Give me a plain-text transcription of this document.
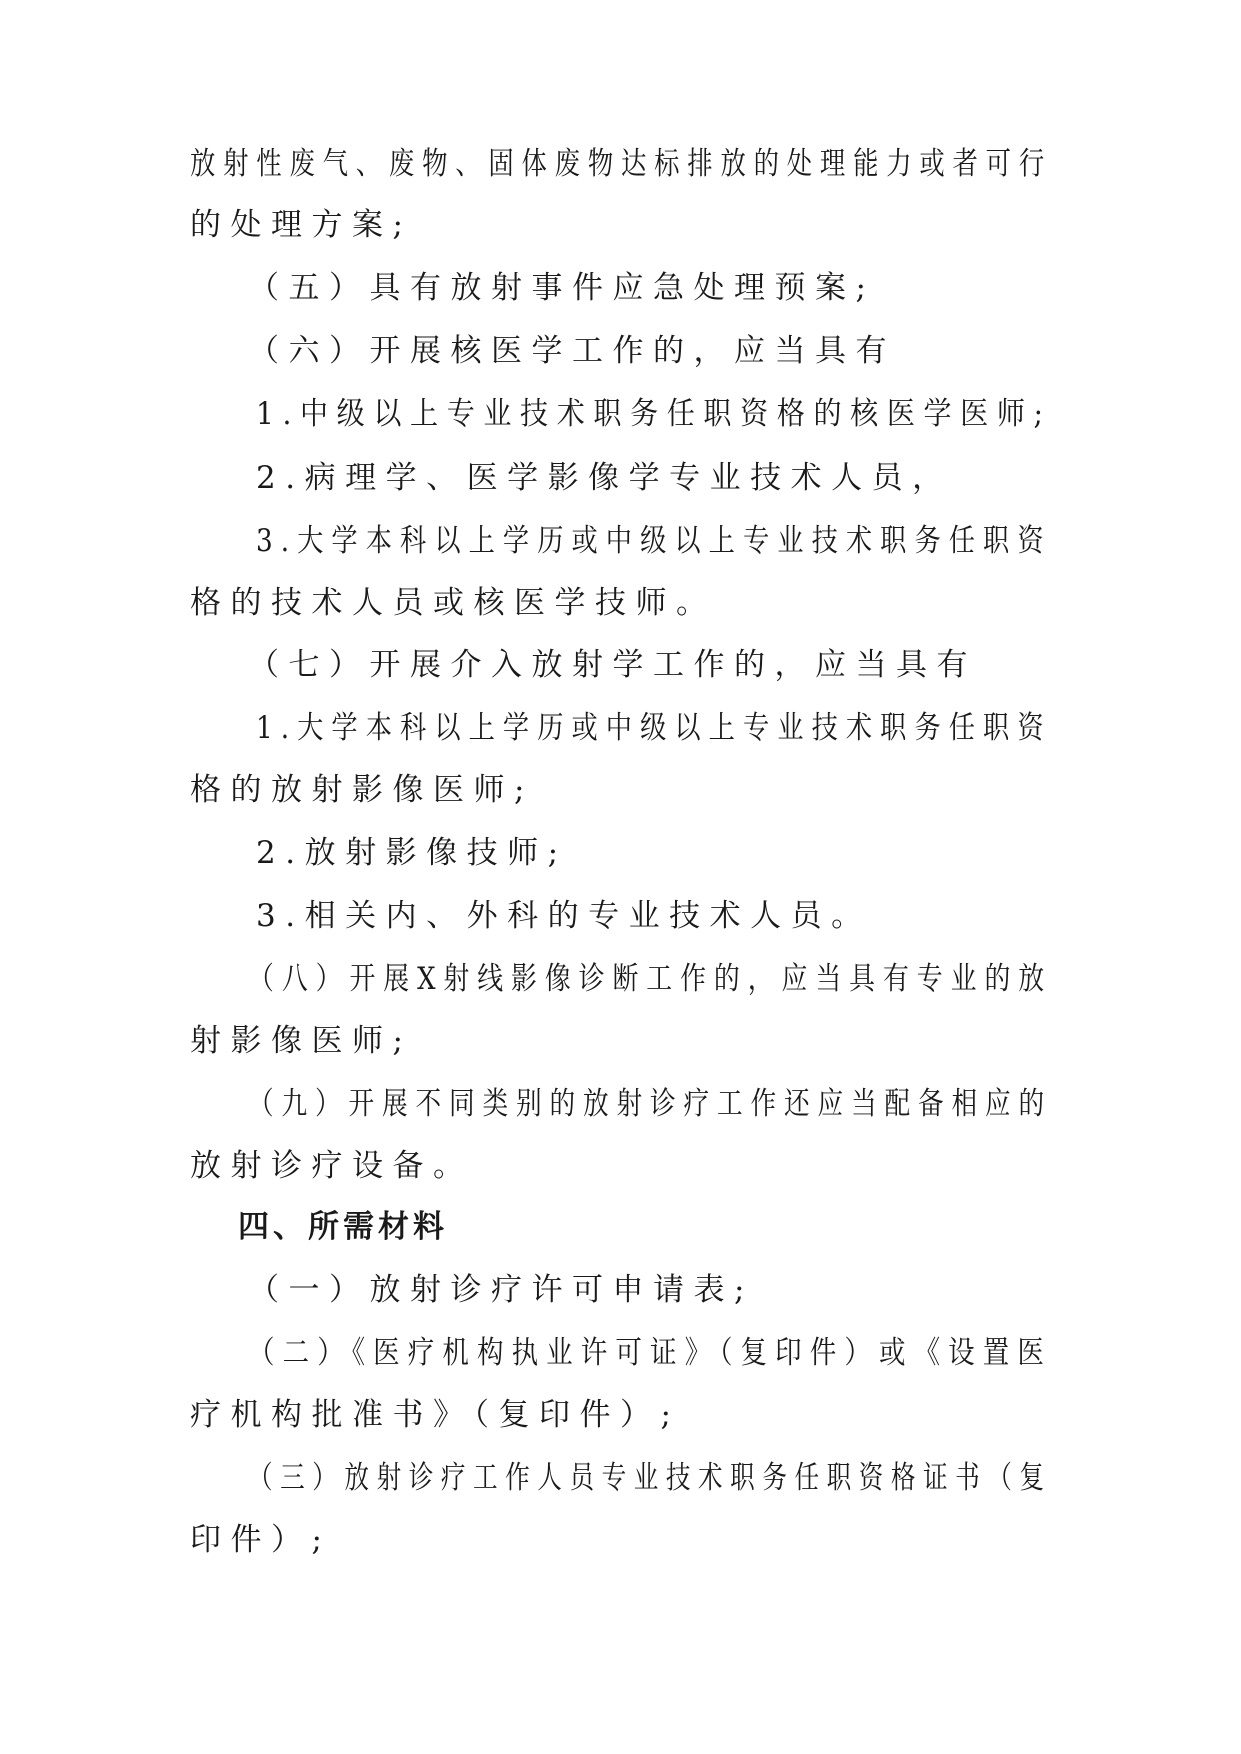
放射性废气、废物、固体废物达标排放的处理能力或者可行

的处理方案;

（五）具有放射事件应急处理预案;

（六）开展核医学工作的，应当具有

1.中级以上专业技术职务任职资格的核医学医师;

2.病理学、医学影像学专业技术人员，

3.大学本科以上学历或中级以上专业技术职务任职资

格的技术人员或核医学技师。

（七）开展介入放射学工作的，应当具有

1.大学本科以上学历或中级以上专业技术职务任职资

格的放射影像医师;

2.放射影像技师;

3.相关内、外科的专业技术人员。

（八）开展X射线影像诊断工作的，应当具有专业的放

射影像医师;

（九）开展不同类别的放射诊疗工作还应当配备相应的

放射诊疗设备。

四、所需材料

（一）放射诊疗许可申请表;

（二）《医疗机构执业许可证》（复印件）或《设置医

疗机构批准书》（复印件）;

（三）放射诊疗工作人员专业技术职务任职资格证书（复

印件）;
